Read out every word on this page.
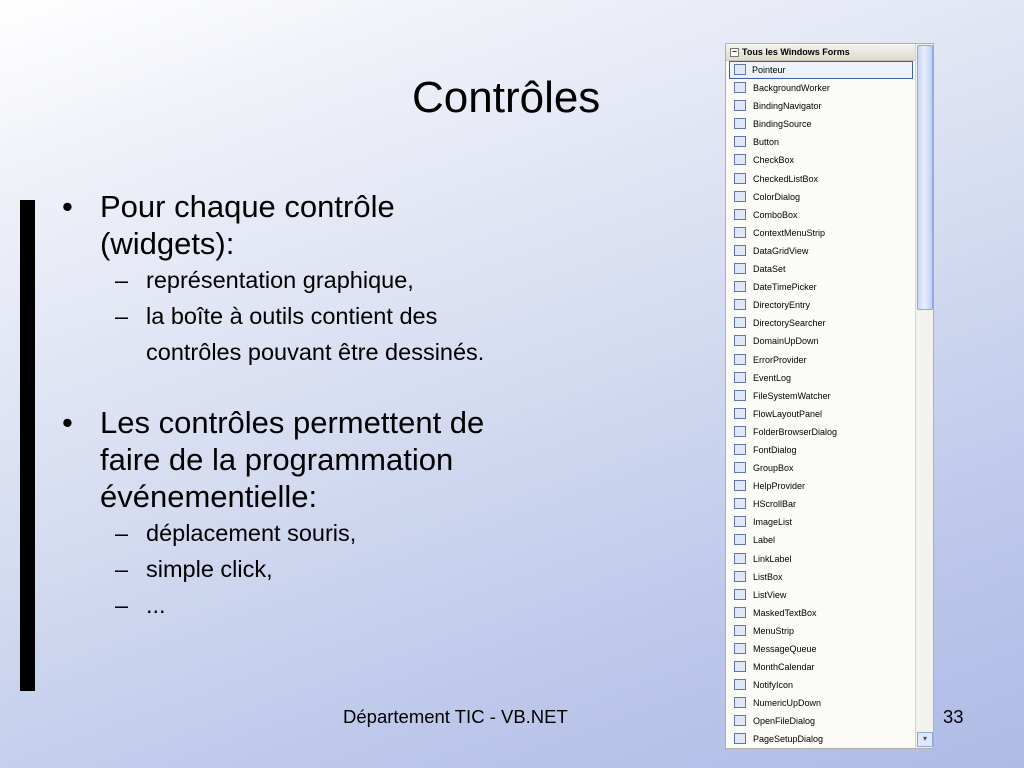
Contrôles

• Pour chaque contrôle (widgets):

– représentation graphique,

– la boîte à outils contient des contrôles pouvant être dessinés.

• Les contrôles permettent de faire de la programmation événementielle:

– déplacement souris,

– simple click,

– ...

Département TIC - VB.NET	33
− Tous les Windows Forms
Pointeur
BackgroundWorker
BindingNavigator
BindingSource
Button
CheckBox
CheckedListBox
ColorDialog
ComboBox
ContextMenuStrip
DataGridView
DataSet
DateTimePicker
DirectoryEntry
DirectorySearcher
DomainUpDown
ErrorProvider
EventLog
FileSystemWatcher
FlowLayoutPanel
FolderBrowserDialog
FontDialog
GroupBox
HelpProvider
HScrollBar
ImageList
Label
LinkLabel
ListBox
ListView
MaskedTextBox
MenuStrip
MessageQueue
MonthCalendar
NotifyIcon
NumericUpDown
OpenFileDialog
PageSetupDialog	▾
